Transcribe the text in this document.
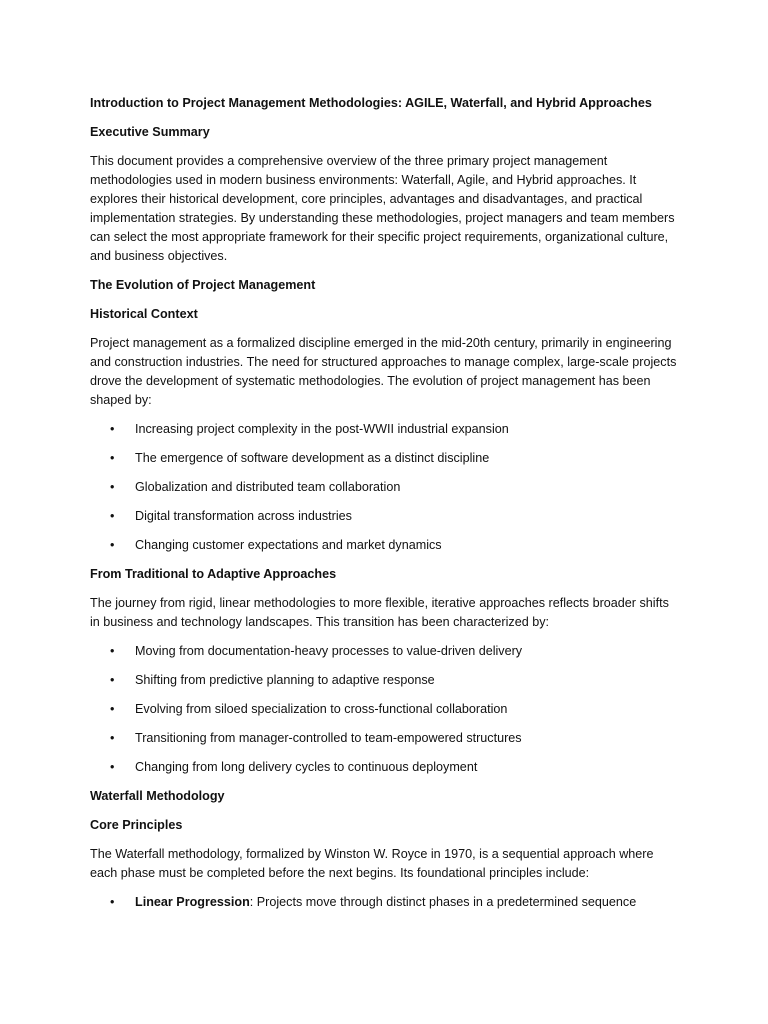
Introduction to Project Management Methodologies: AGILE, Waterfall, and Hybrid Approaches

Executive Summary

This document provides a comprehensive overview of the three primary project management methodologies used in modern business environments: Waterfall, Agile, and Hybrid approaches. It explores their historical development, core principles, advantages and disadvantages, and practical implementation strategies. By understanding these methodologies, project managers and team members can select the most appropriate framework for their specific project requirements, organizational culture, and business objectives.

The Evolution of Project Management

Historical Context

Project management as a formalized discipline emerged in the mid-20th century, primarily in engineering and construction industries. The need for structured approaches to manage complex, large-scale projects drove the development of systematic methodologies. The evolution of project management has been shaped by:

• Increasing project complexity in the post-WWII industrial expansion
• The emergence of software development as a distinct discipline
• Globalization and distributed team collaboration
• Digital transformation across industries
• Changing customer expectations and market dynamics

From Traditional to Adaptive Approaches

The journey from rigid, linear methodologies to more flexible, iterative approaches reflects broader shifts in business and technology landscapes. This transition has been characterized by:

• Moving from documentation-heavy processes to value-driven delivery
• Shifting from predictive planning to adaptive response
• Evolving from siloed specialization to cross-functional collaboration
• Transitioning from manager-controlled to team-empowered structures
• Changing from long delivery cycles to continuous deployment

Waterfall Methodology

Core Principles

The Waterfall methodology, formalized by Winston W. Royce in 1970, is a sequential approach where each phase must be completed before the next begins. Its foundational principles include:

• Linear Progression: Projects move through distinct phases in a predetermined sequence
